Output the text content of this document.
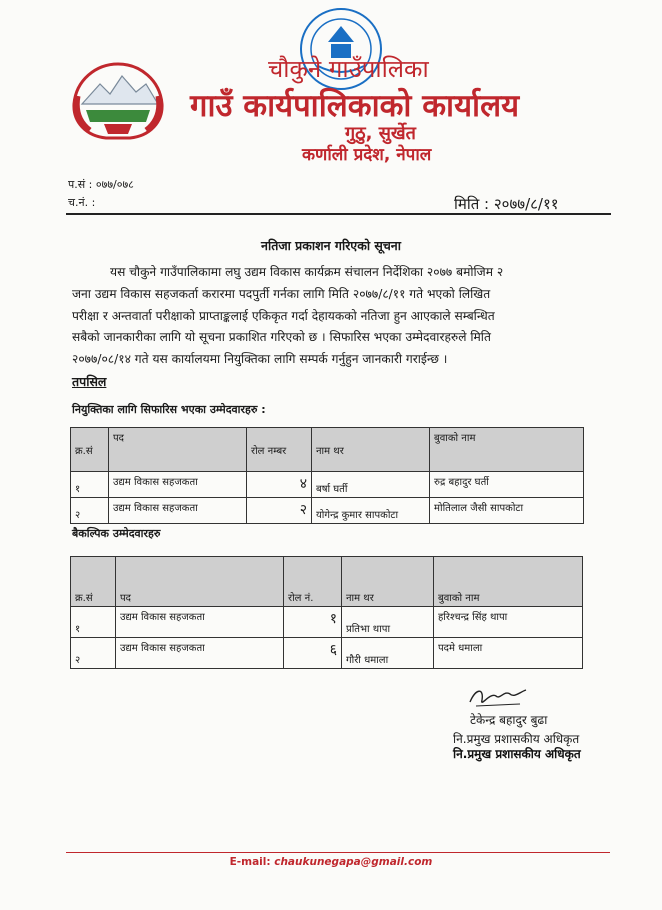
चौकुने गाउँपालिका
गाउँ कार्यपालिकाको कार्यालय
गुठु, सुर्खेत
कर्णाली प्रदेश, नेपाल
प.सं : ०७७/०७८
च.नं. :	मिति : २०७७/८/११
नतिजा प्रकाशन गरिएको सूचना
यस चौकुने गाउँपालिकामा लघु उद्यम विकास कार्यक्रम संचालन निर्देशिका २०७७ बमोजिम २
जना उद्यम विकास सहजकर्ता करारमा पदपुर्ती गर्नका लागि मिति २०७७/८/११ गते भएको लिखित
परीक्षा र अन्तवार्ता परीक्षाको प्राप्ताङ्कलाई एकिकृत गर्दा देहायकको नतिजा हुन आएकाले सम्बन्धित
सबैको जानकारीका लागि यो सूचना प्रकाशित गरिएको छ । सिफारिस भएका उम्मेदवारहरुले मिति
२०७७/०८/१४ गते यस कार्यालयमा नियुक्तिका लागि सम्पर्क गर्नुहुन जानकारी गराईन्छ ।
तपसिल
नियुक्तिका लागि सिफारिस भएका उम्मेदवारहरु :
क्र.सं	पद	रोल नम्बर	नाम थर	बुवाको नाम
१	उद्यम विकास सहजकता	४	बर्षा घर्ती	रुद्र बहादुर घर्ती
२	उद्यम विकास सहजकता	२	योगेन्द्र कुमार सापकोटा	मोतिलाल जैसी सापकोटा
बैकल्पिक उम्मेदवारहरु
क्र.सं	पद	रोल नं.	नाम थर	बुवाको नाम
१	उद्यम विकास सहजकता	१	प्रतिभा थापा	हरिश्चन्द्र सिंह थापा
२	उद्यम विकास सहजकता	६	गौरी धमाला	पदमे धमाला
टेकेन्द्र बहादुर बुढा
नि.प्रमुख प्रशासकीय अधिकृत
नि.प्रमुख प्रशासकीय अधिकृत
E-mail: chaukunegapa@gmail.com
